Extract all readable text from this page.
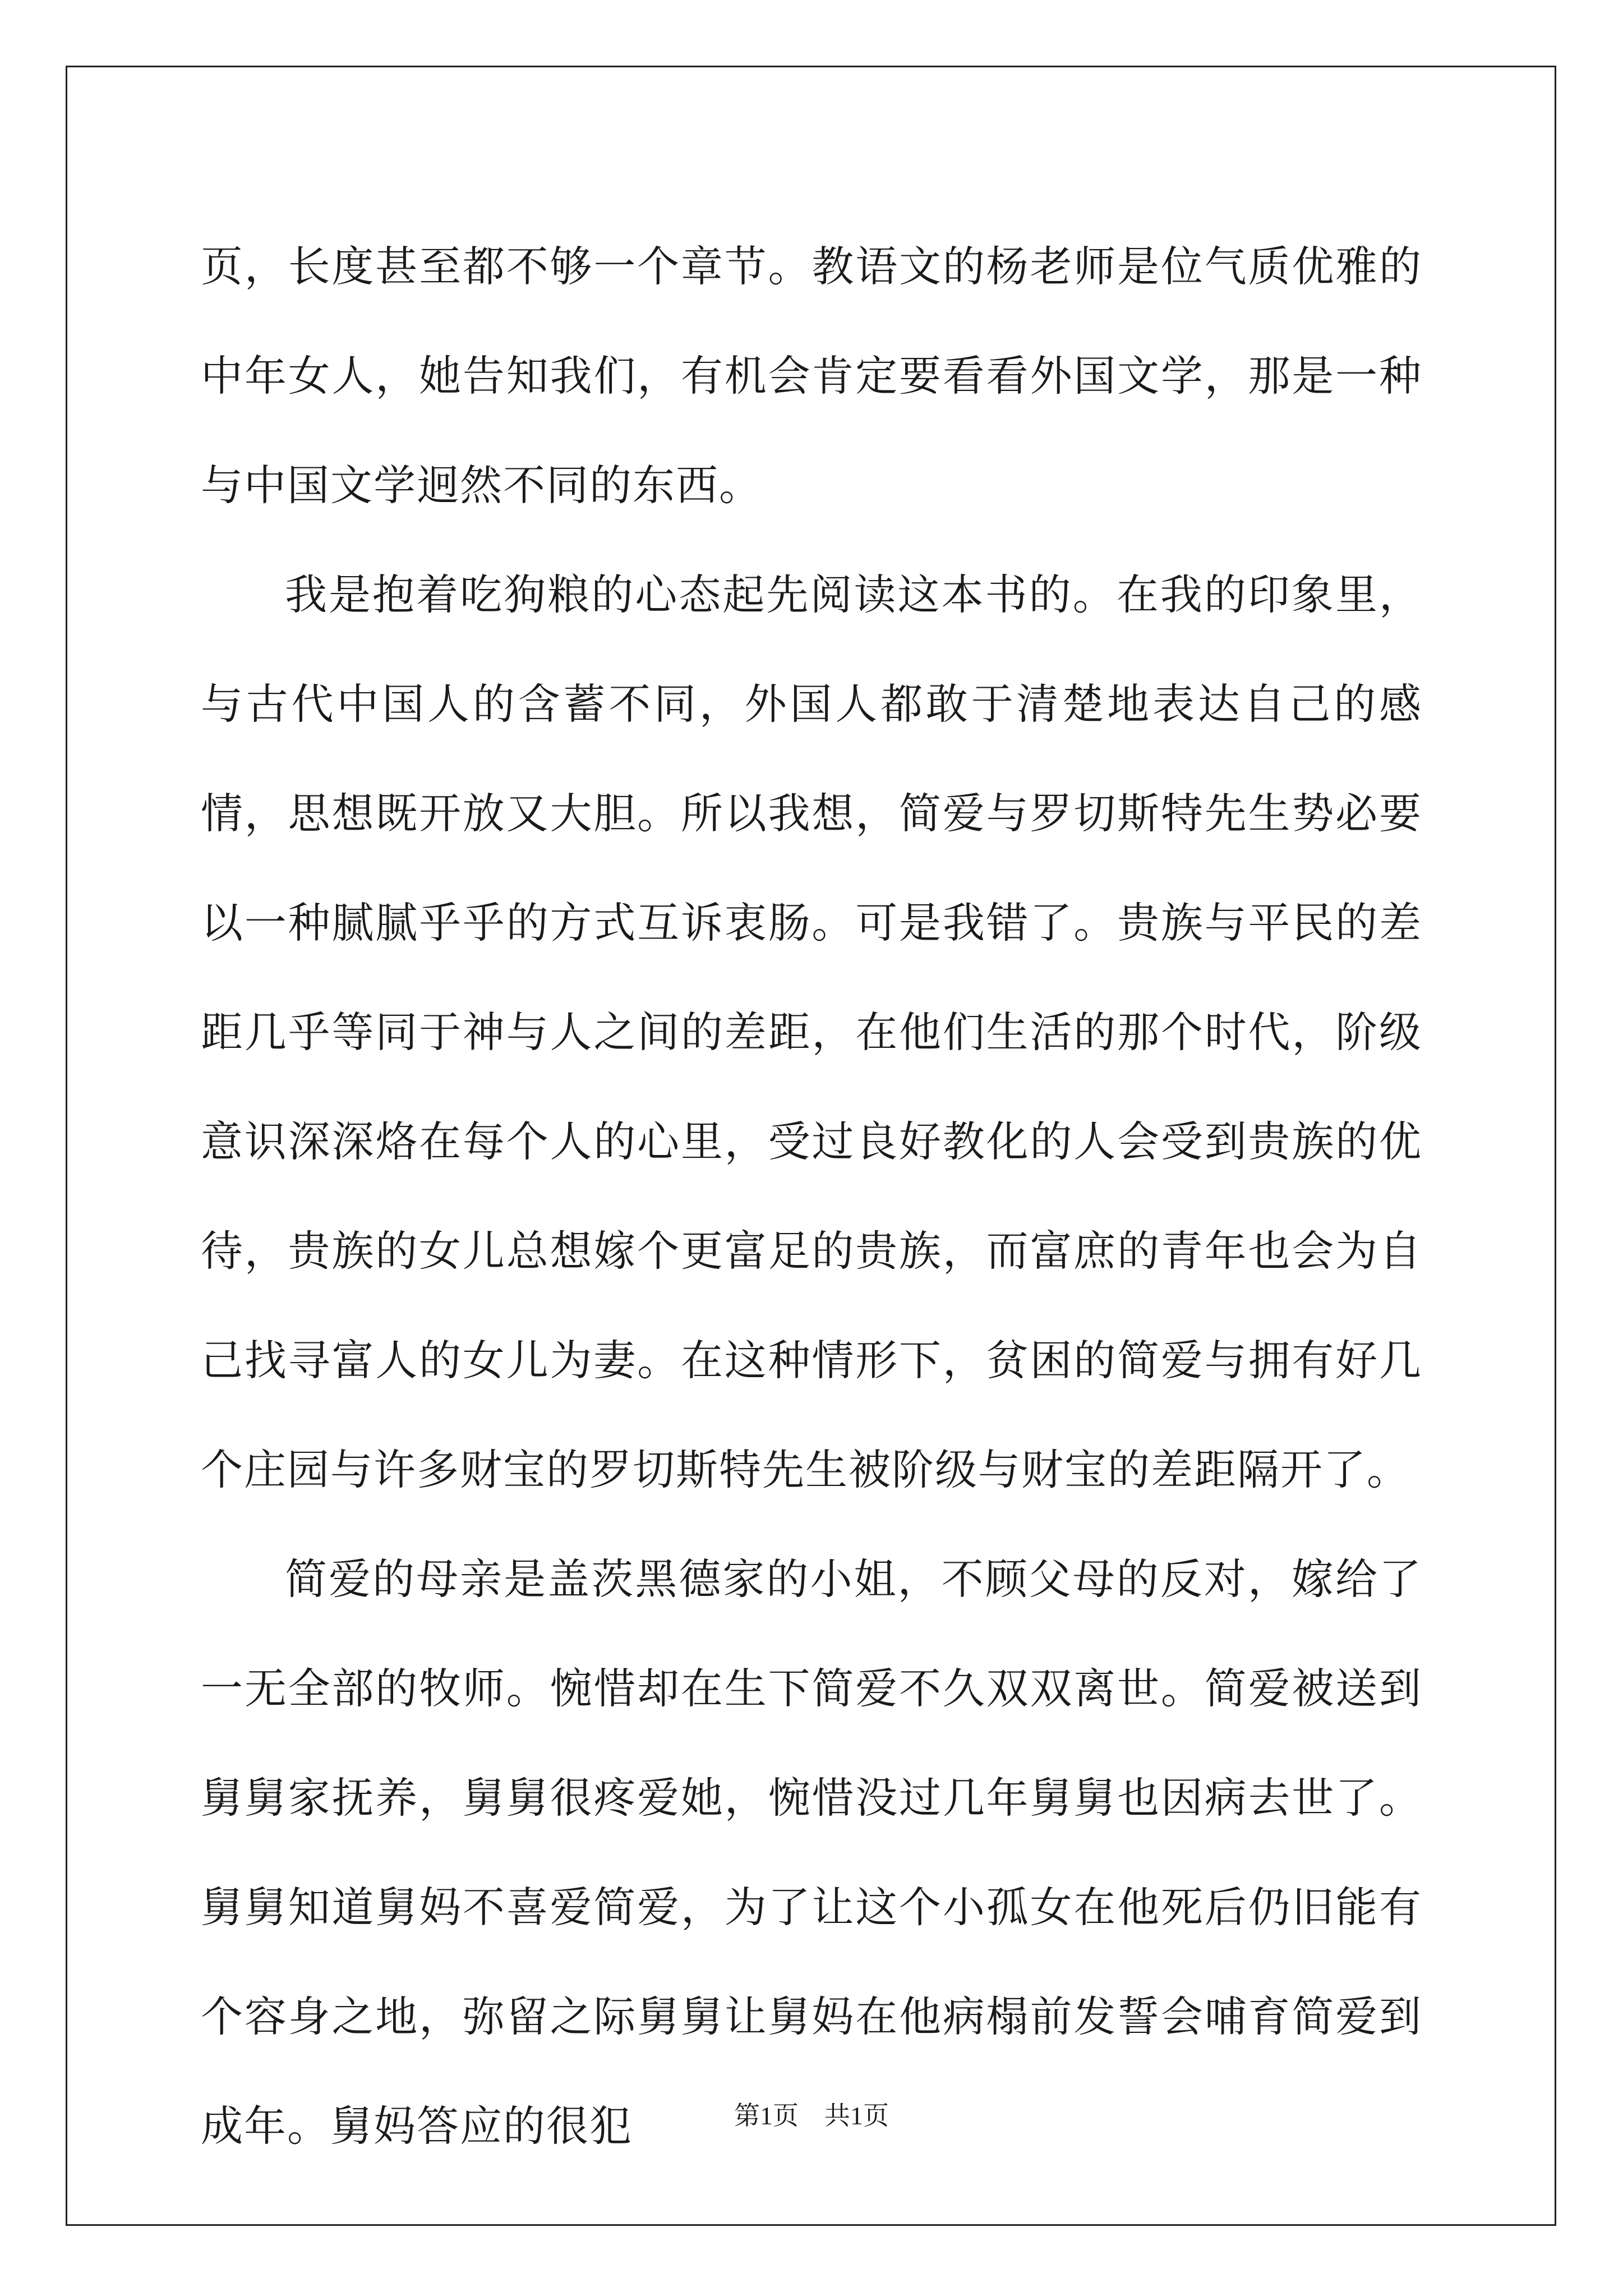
页，长度甚至都不够一个章节。教语文的杨老师是位气质优雅的中年女人，她告知我们，有机会肯定要看看外国文学，那是一种与中国文学迥然不同的东西。

我是抱着吃狗粮的心态起先阅读这本书的。在我的印象里，与古代中国人的含蓄不同，外国人都敢于清楚地表达自己的感情，思想既开放又大胆。所以我想，简爱与罗切斯特先生势必要以一种腻腻乎乎的方式互诉衷肠。可是我错了。贵族与平民的差距几乎等同于神与人之间的差距，在他们生活的那个时代，阶级意识深深烙在每个人的心里，受过良好教化的人会受到贵族的优待，贵族的女儿总想嫁个更富足的贵族，而富庶的青年也会为自己找寻富人的女儿为妻。在这种情形下，贫困的简爱与拥有好几个庄园与许多财宝的罗切斯特先生被阶级与财宝的差距隔开了。

简爱的母亲是盖茨黑德家的小姐，不顾父母的反对，嫁给了一无全部的牧师。惋惜却在生下简爱不久双双离世。简爱被送到舅舅家抚养，舅舅很疼爱她，惋惜没过几年舅舅也因病去世了。舅舅知道舅妈不喜爱简爱，为了让这个小孤女在他死后仍旧能有个容身之地，弥留之际舅舅让舅妈在他病榻前发誓会哺育简爱到成年。舅妈答应的很犯	第1页　共1页
